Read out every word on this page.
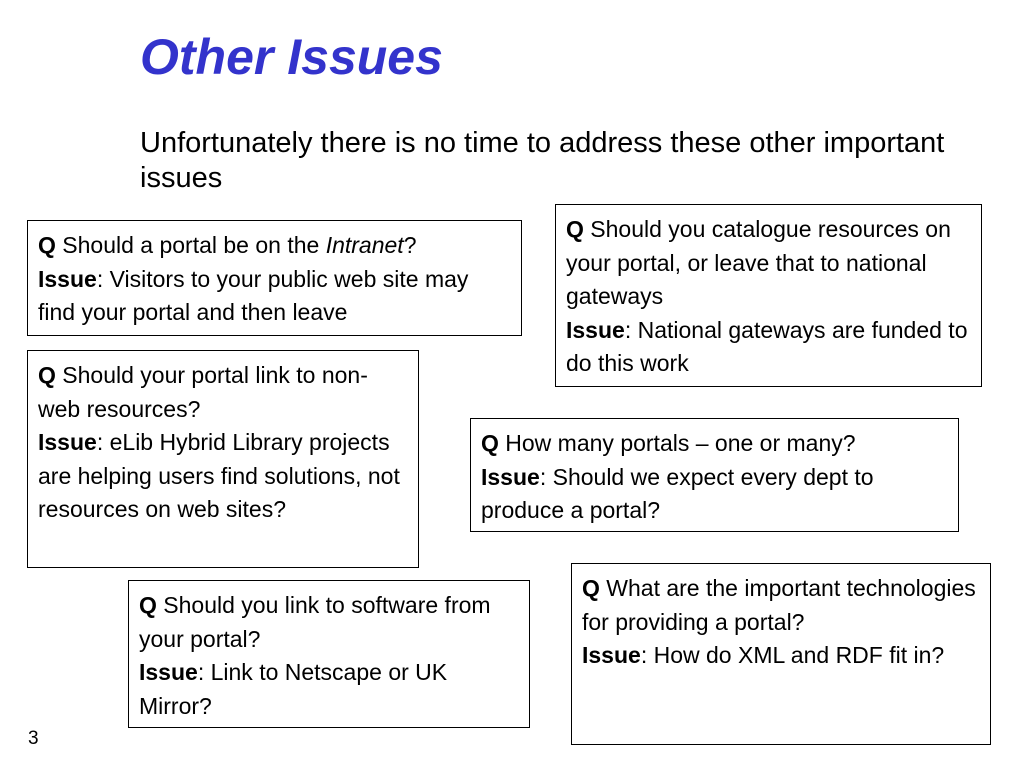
Other Issues

Unfortunately there is no time to address these other important issues

Q Should a portal be on the Intranet?

Issue: Visitors to your public web site may find your portal and then leave

Q Should you catalogue resources on your portal, or leave that to national gateways

Issue: National gateways are funded to do this work

Q Should your portal link to non-web resources?

Issue: eLib Hybrid Library projects are helping users find solutions, not resources on web sites?

Q How many portals – one or many?

Issue: Should we expect every dept to produce a portal?

Q Should you link to software from your portal?

Issue: Link to Netscape or UK Mirror?

Q What are the important technologies for providing a portal?

Issue: How do XML and RDF fit in?

3
